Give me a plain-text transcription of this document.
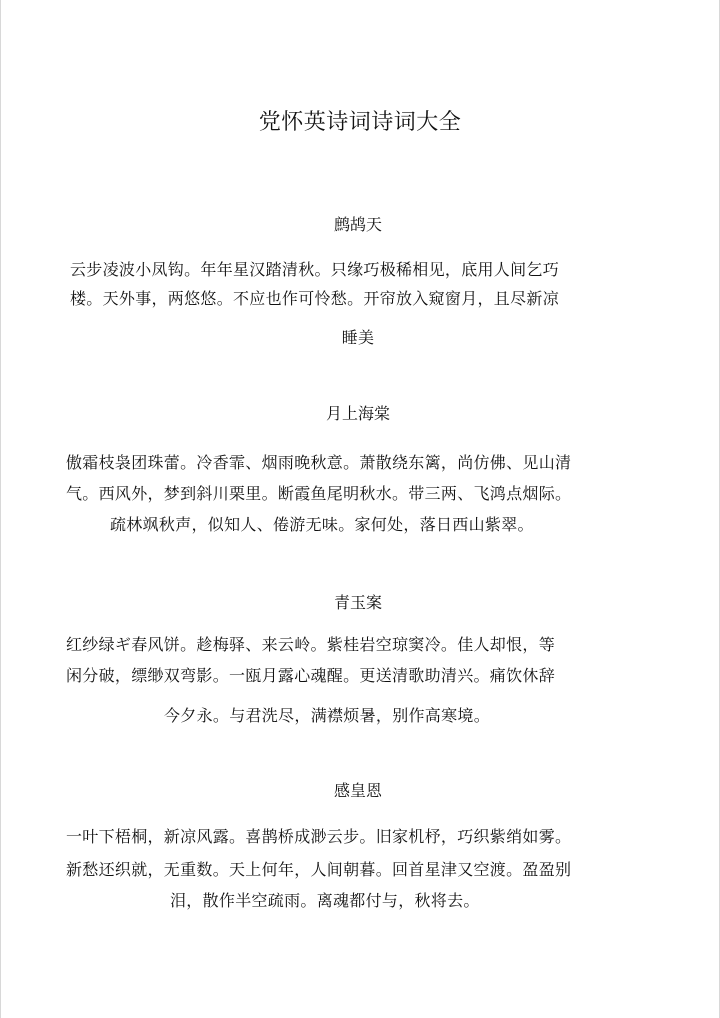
党怀英诗词诗词大全
鹧鸪天
云步凌波小凤钩。年年星汉踏清秋。只缘巧极稀相见，底用人间乞巧
楼。天外事，两悠悠。不应也作可怜愁。开帘放入窥窗月，且尽新凉
睡美
月上海棠
傲霜枝袅团珠蕾。冷香霏、烟雨晚秋意。萧散绕东篱，尚仿佛、见山清
气。西风外，梦到斜川栗里。断霞鱼尾明秋水。带三两、飞鸿点烟际。
疏林飒秋声，似知人、倦游无味。家何处，落日西山紫翠。
青玉案
红纱绿ギ春风饼。趁梅驿、来云岭。紫桂岩空琼窦冷。佳人却恨，等
闲分破，缥缈双弯影。一瓯月露心魂醒。更送清歌助清兴。痛饮休辞
今夕永。与君洗尽，满襟烦暑，别作高寒境。
感皇恩
一叶下梧桐，新凉风露。喜鹊桥成渺云步。旧家机杼，巧织紫绡如雾。
新愁还织就，无重数。天上何年，人间朝暮。回首星津又空渡。盈盈别
泪，散作半空疏雨。离魂都付与，秋将去。
